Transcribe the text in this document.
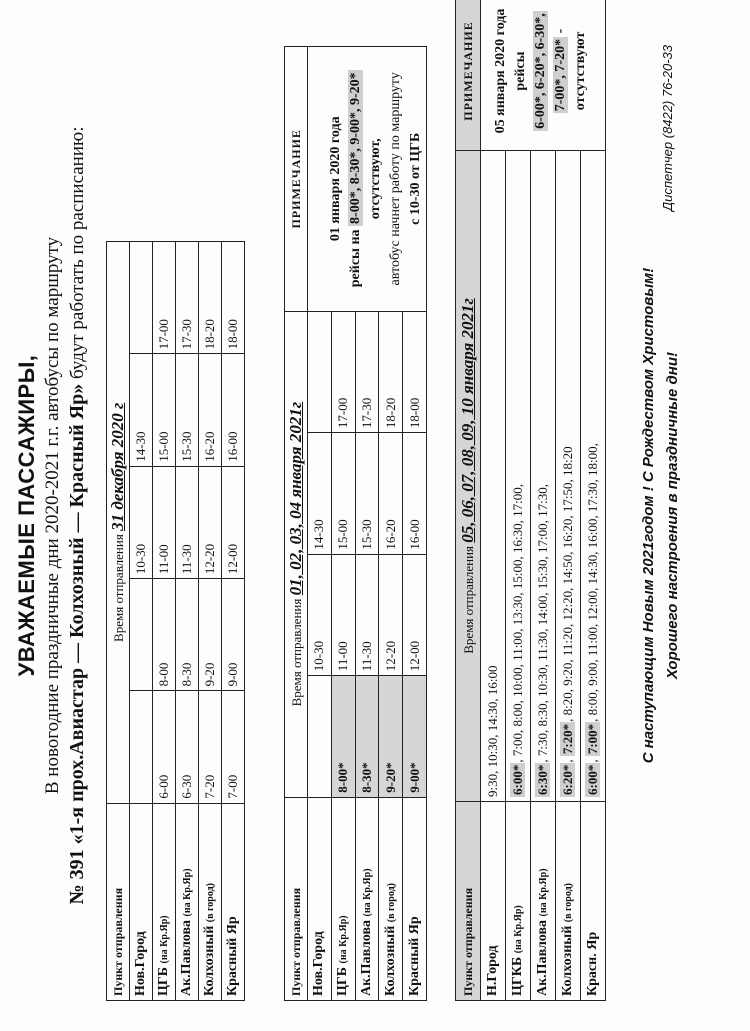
УВАЖАЕМЫЕ ПАССАЖИРЫ, В новогодние праздничные дни 2020-2021 г.г. автобусы по маршруту № 391 «1-я прох.Авиастар — Колхозный — Красный Яр» будут работать по расписанию:
Пункт отправления	Время отправления 31 декабря 2020 г				
Нов.Город			10-30	14-30	
ЦГБ (на Кр.Яр)	6-00	8-00	11-00	15-00	17-00
Ак.Павлова (на Кр.Яр)	6-30	8-30	11-30	15-30	17-30
Колхозный (в город)	7-20	9-20	12-20	16-20	18-20
Красный Яр	7-00	9-00	12-00	16-00	18-00
Пункт отправления	Время отправления 01, 02, 03, 04 января 2021г				ПРИМЕЧАНИЕ
Нов.Город		10-30	14-30		01 января 2020 года
рейсы на 8-00*, 8-30*, 9-00*, 9-20* отсутствуют, автобус начнет работу по маршруту с 10-30 от ЦГБ

ЦГБ (на Кр.Яр)	8-00*	11-00	15-00	17-00	
Ак.Павлова (на Кр.Яр)	8-30*	11-30	15-30	17-30	
Колхозный (в город)	9-20*	12-20	16-20	18-20	
Красный Яр	9-00*	12-00	16-00	18-00	
Пункт отправления	Время отправления 05, 06, 07, 08, 09, 10 января 2021г	ПРИМЕЧАНИЕ
Н.Город	9:30, 10:30, 14:30, 16:00	05 января 2020 года рейсы 6-00*, 6-20*, 6-30*, 7-00*, 7-20* - отсутствуют

ЦГКБ (на Кр.Яр)	6:00*, 7:00, 8:00, 10:00, 11:00, 13:30, 15:00, 16:30, 17:00,	
Ак.Павлова (на Кр.Яр)	6:30*, 7:30, 8:30, 10:30, 11:30, 14:00, 15:30, 17:00, 17:30,	
Колхозный (в город)	6:20*, 7:20*, 8:20, 9:20, 11:20, 12:20, 14:50, 16:20, 17:50, 18:20	
Красн. Яр	6:00*, 7:00*, 8:00, 9:00, 11:00, 12:00, 14:30, 16:00, 17:30, 18:00,		С наступающим Новым 2021годом ! С Рождеством Христовым! Хорошего настроения в праздничные дни!
Диспетчер (8422) 76-20-33
